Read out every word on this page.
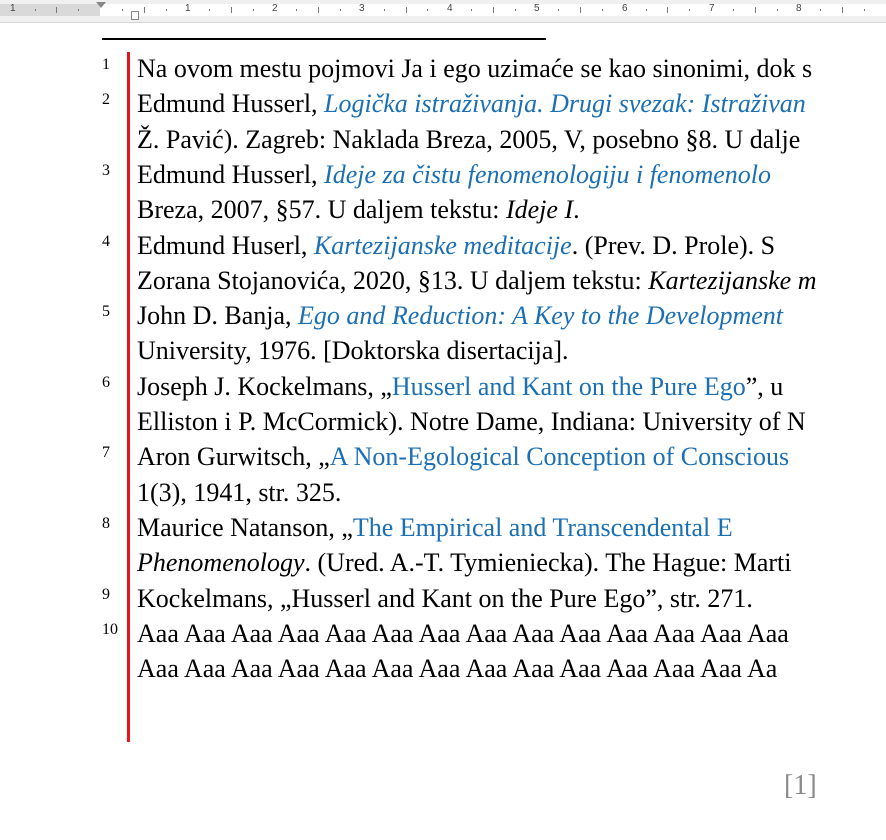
1	1	2	3	4	5	6	7	8
1 Na ovom mestu pojmovi Ja i ego uzimaće se kao sinonimi, dok s
2 Edmund Husserl, Logička istraživanja. Drugi svezak: Istraživan
Ž. Pavić). Zagreb: Naklada Breza, 2005, V, posebno §8. U dalje
3 Edmund Husserl, Ideje za čistu fenomenologiju i fenomenolo
Breza, 2007, §57. U daljem tekstu: Ideje I.
4 Edmund Huserl, Kartezijanske meditacije. (Prev. D. Prole). S
Zorana Stojanovića, 2020, §13. U daljem tekstu: Kartezijanske m
5 John D. Banja, Ego and Reduction: A Key to the Development
University, 1976. [Doktorska disertacija].
6 Joseph J. Kockelmans, „Husserl and Kant on the Pure Ego”, u
Elliston i P. McCormick). Notre Dame, Indiana: University of N
7 Aron Gurwitsch, „A Non-Egological Conception of Conscious
1(3), 1941, str. 325.
8 Maurice Natanson, „The Empirical and Transcendental E
Phenomenology. (Ured. A.-T. Tymieniecka). The Hague: Marti
9 Kockelmans, „Husserl and Kant on the Pure Ego”, str. 271.
10 Aaa Aaa Aaa Aaa Aaa Aaa Aaa Aaa Aaa Aaa Aaa Aaa Aaa Aaa
Aaa Aaa Aaa Aaa Aaa Aaa Aaa Aaa Aaa Aaa Aaa Aaa Aaa Aa
[1]
